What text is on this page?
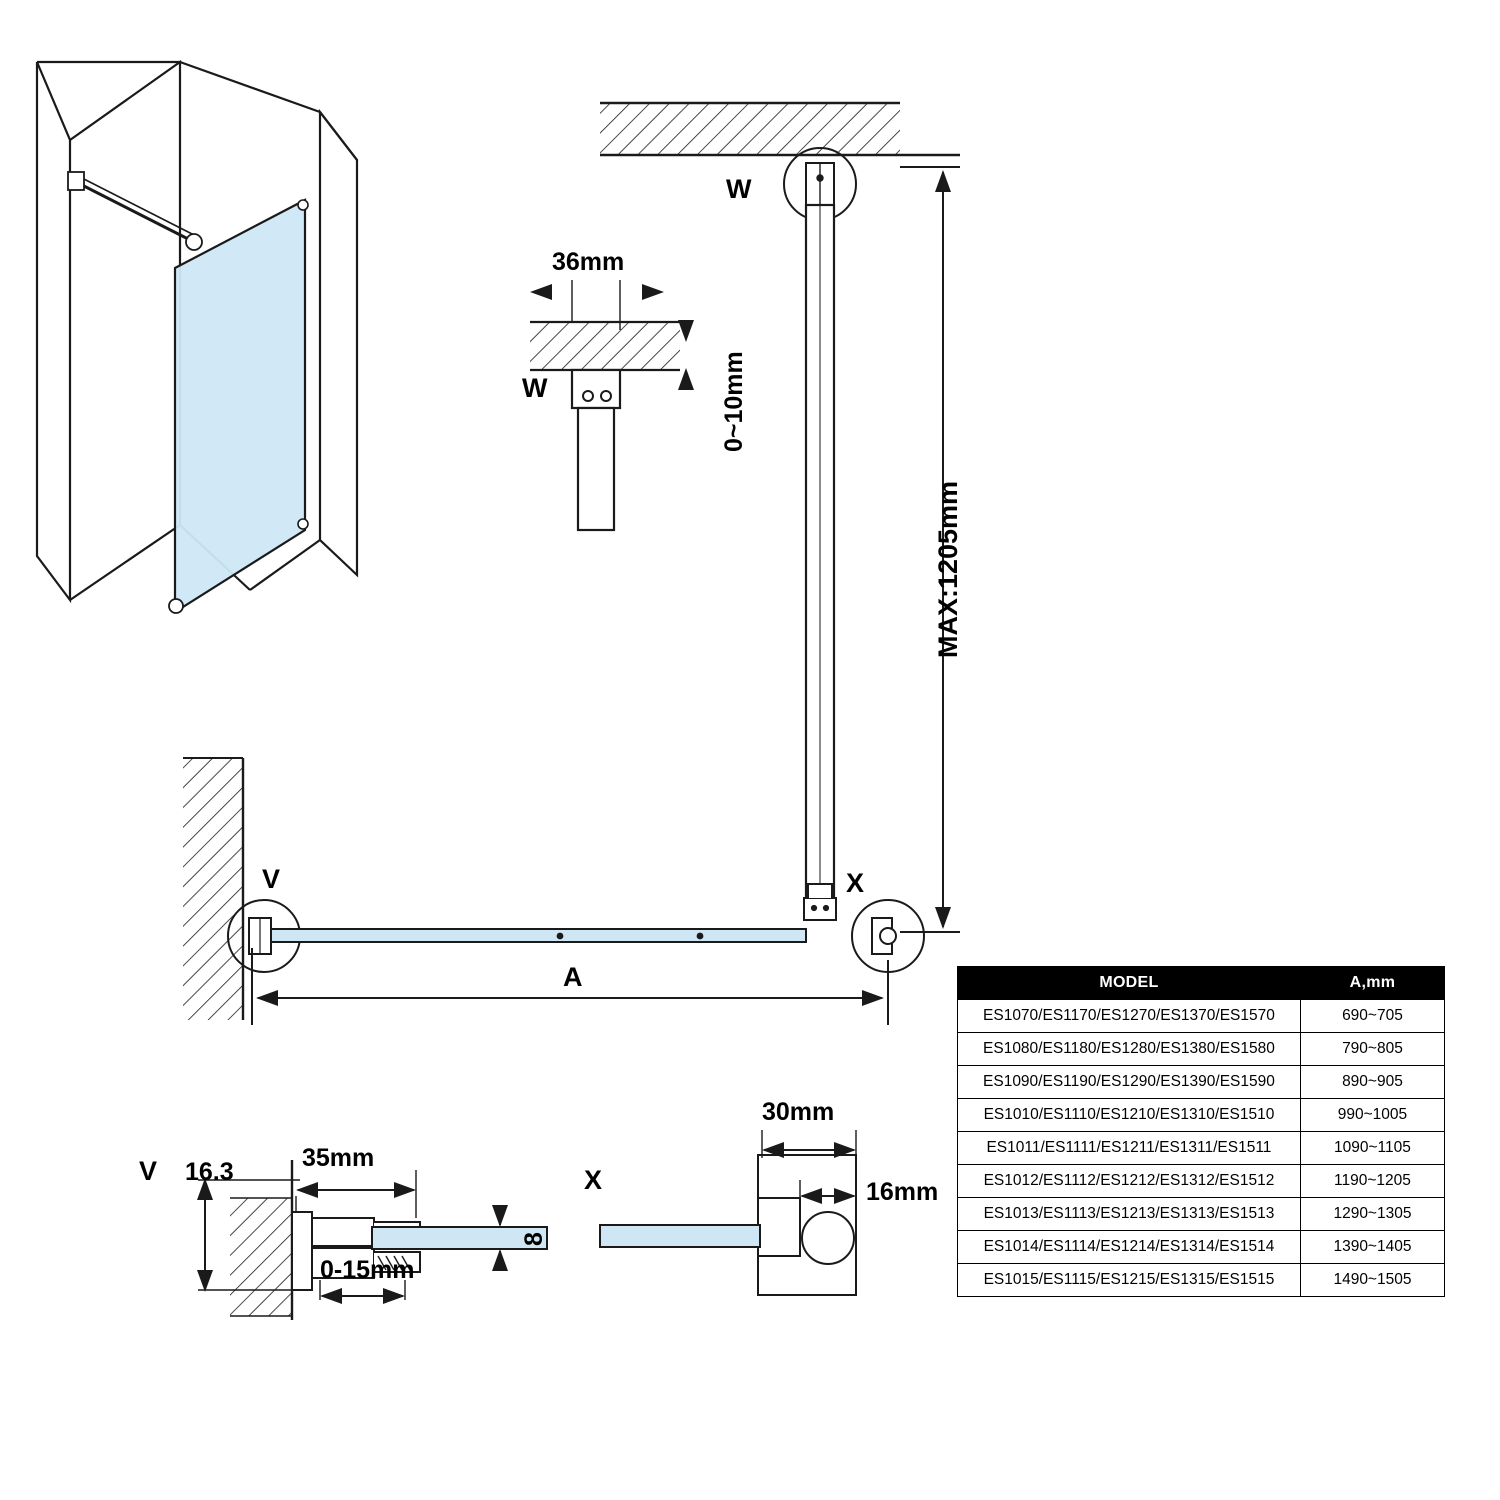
W
W
V	X
V	X
36mm
0~10mm
MAX:1205mm
A
35mm
16.3
0-15mm
8
30mm
16mm
MODEL	A,mm
ES1070/ES1170/ES1270/ES1370/ES1570	690~705
ES1080/ES1180/ES1280/ES1380/ES1580	790~805
ES1090/ES1190/ES1290/ES1390/ES1590	890~905
ES1010/ES1110/ES1210/ES1310/ES1510	990~1005
ES1011/ES1111/ES1211/ES1311/ES1511	1090~1105
ES1012/ES1112/ES1212/ES1312/ES1512	1190~1205
ES1013/ES1113/ES1213/ES1313/ES1513	1290~1305
ES1014/ES1114/ES1214/ES1314/ES1514	1390~1405
ES1015/ES1115/ES1215/ES1315/ES1515	1490~1505
